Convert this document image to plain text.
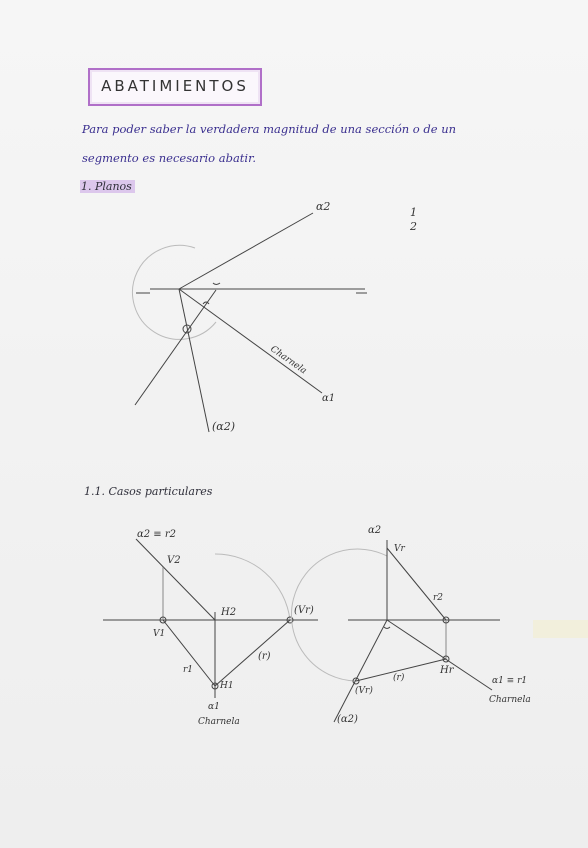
ABATIMIENTOS
Para poder saber la verdadera magnitud de una sección o de un
segmento es necesario abatir.
1. Planos
1.1. Casos particulares
α2
α1
(α2)
Charnela
1
2
α2 ≡ r2
V2
V1
H2
H1
r1
(r)
(Vr)
α1
Charnela
α2
Vr
r2
Hr
α1 ≡ r1
Charnela
(r)
(Vr)
(α2)
